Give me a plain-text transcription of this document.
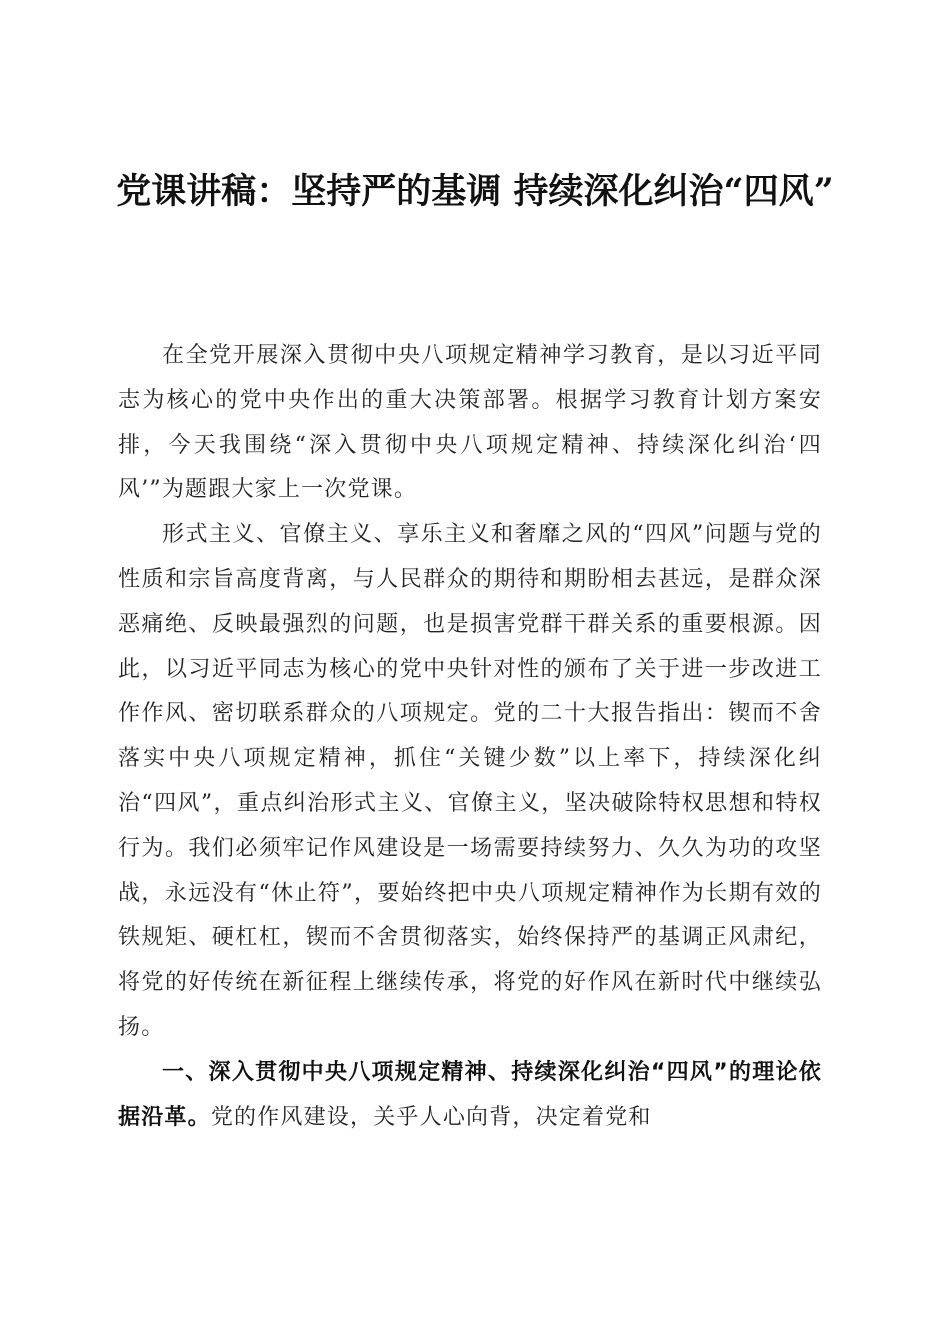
党课讲稿：坚持严的基调 持续深化纠治“四风”

在全党开展深入贯彻中央八项规定精神学习教育，是以习近平同志为核心的党中央作出的重大决策部署。根据学习教育计划方案安排，今天我围绕“深入贯彻中央八项规定精神、持续深化纠治‘四风’”为题跟大家上一次党课。

形式主义、官僚主义、享乐主义和奢靡之风的“四风”问题与党的性质和宗旨高度背离，与人民群众的期待和期盼相去甚远，是群众深恶痛绝、反映最强烈的问题，也是损害党群干群关系的重要根源。因此，以习近平同志为核心的党中央针对性的颁布了关于进一步改进工作作风、密切联系群众的八项规定。党的二十大报告指出：锲而不舍落实中央八项规定精神，抓住“关键少数”以上率下，持续深化纠治“四风”，重点纠治形式主义、官僚主义，坚决破除特权思想和特权行为。我们必须牢记作风建设是一场需要持续努力、久久为功的攻坚战，永远没有“休止符”，要始终把中央八项规定精神作为长期有效的铁规矩、硬杠杠，锲而不舍贯彻落实，始终保持严的基调正风肃纪，将党的好传统在新征程上继续传承，将党的好作风在新时代中继续弘扬。

一、深入贯彻中央八项规定精神、持续深化纠治“四风”的理论依据沿革。党的作风建设，关乎人心向背，决定着党和
